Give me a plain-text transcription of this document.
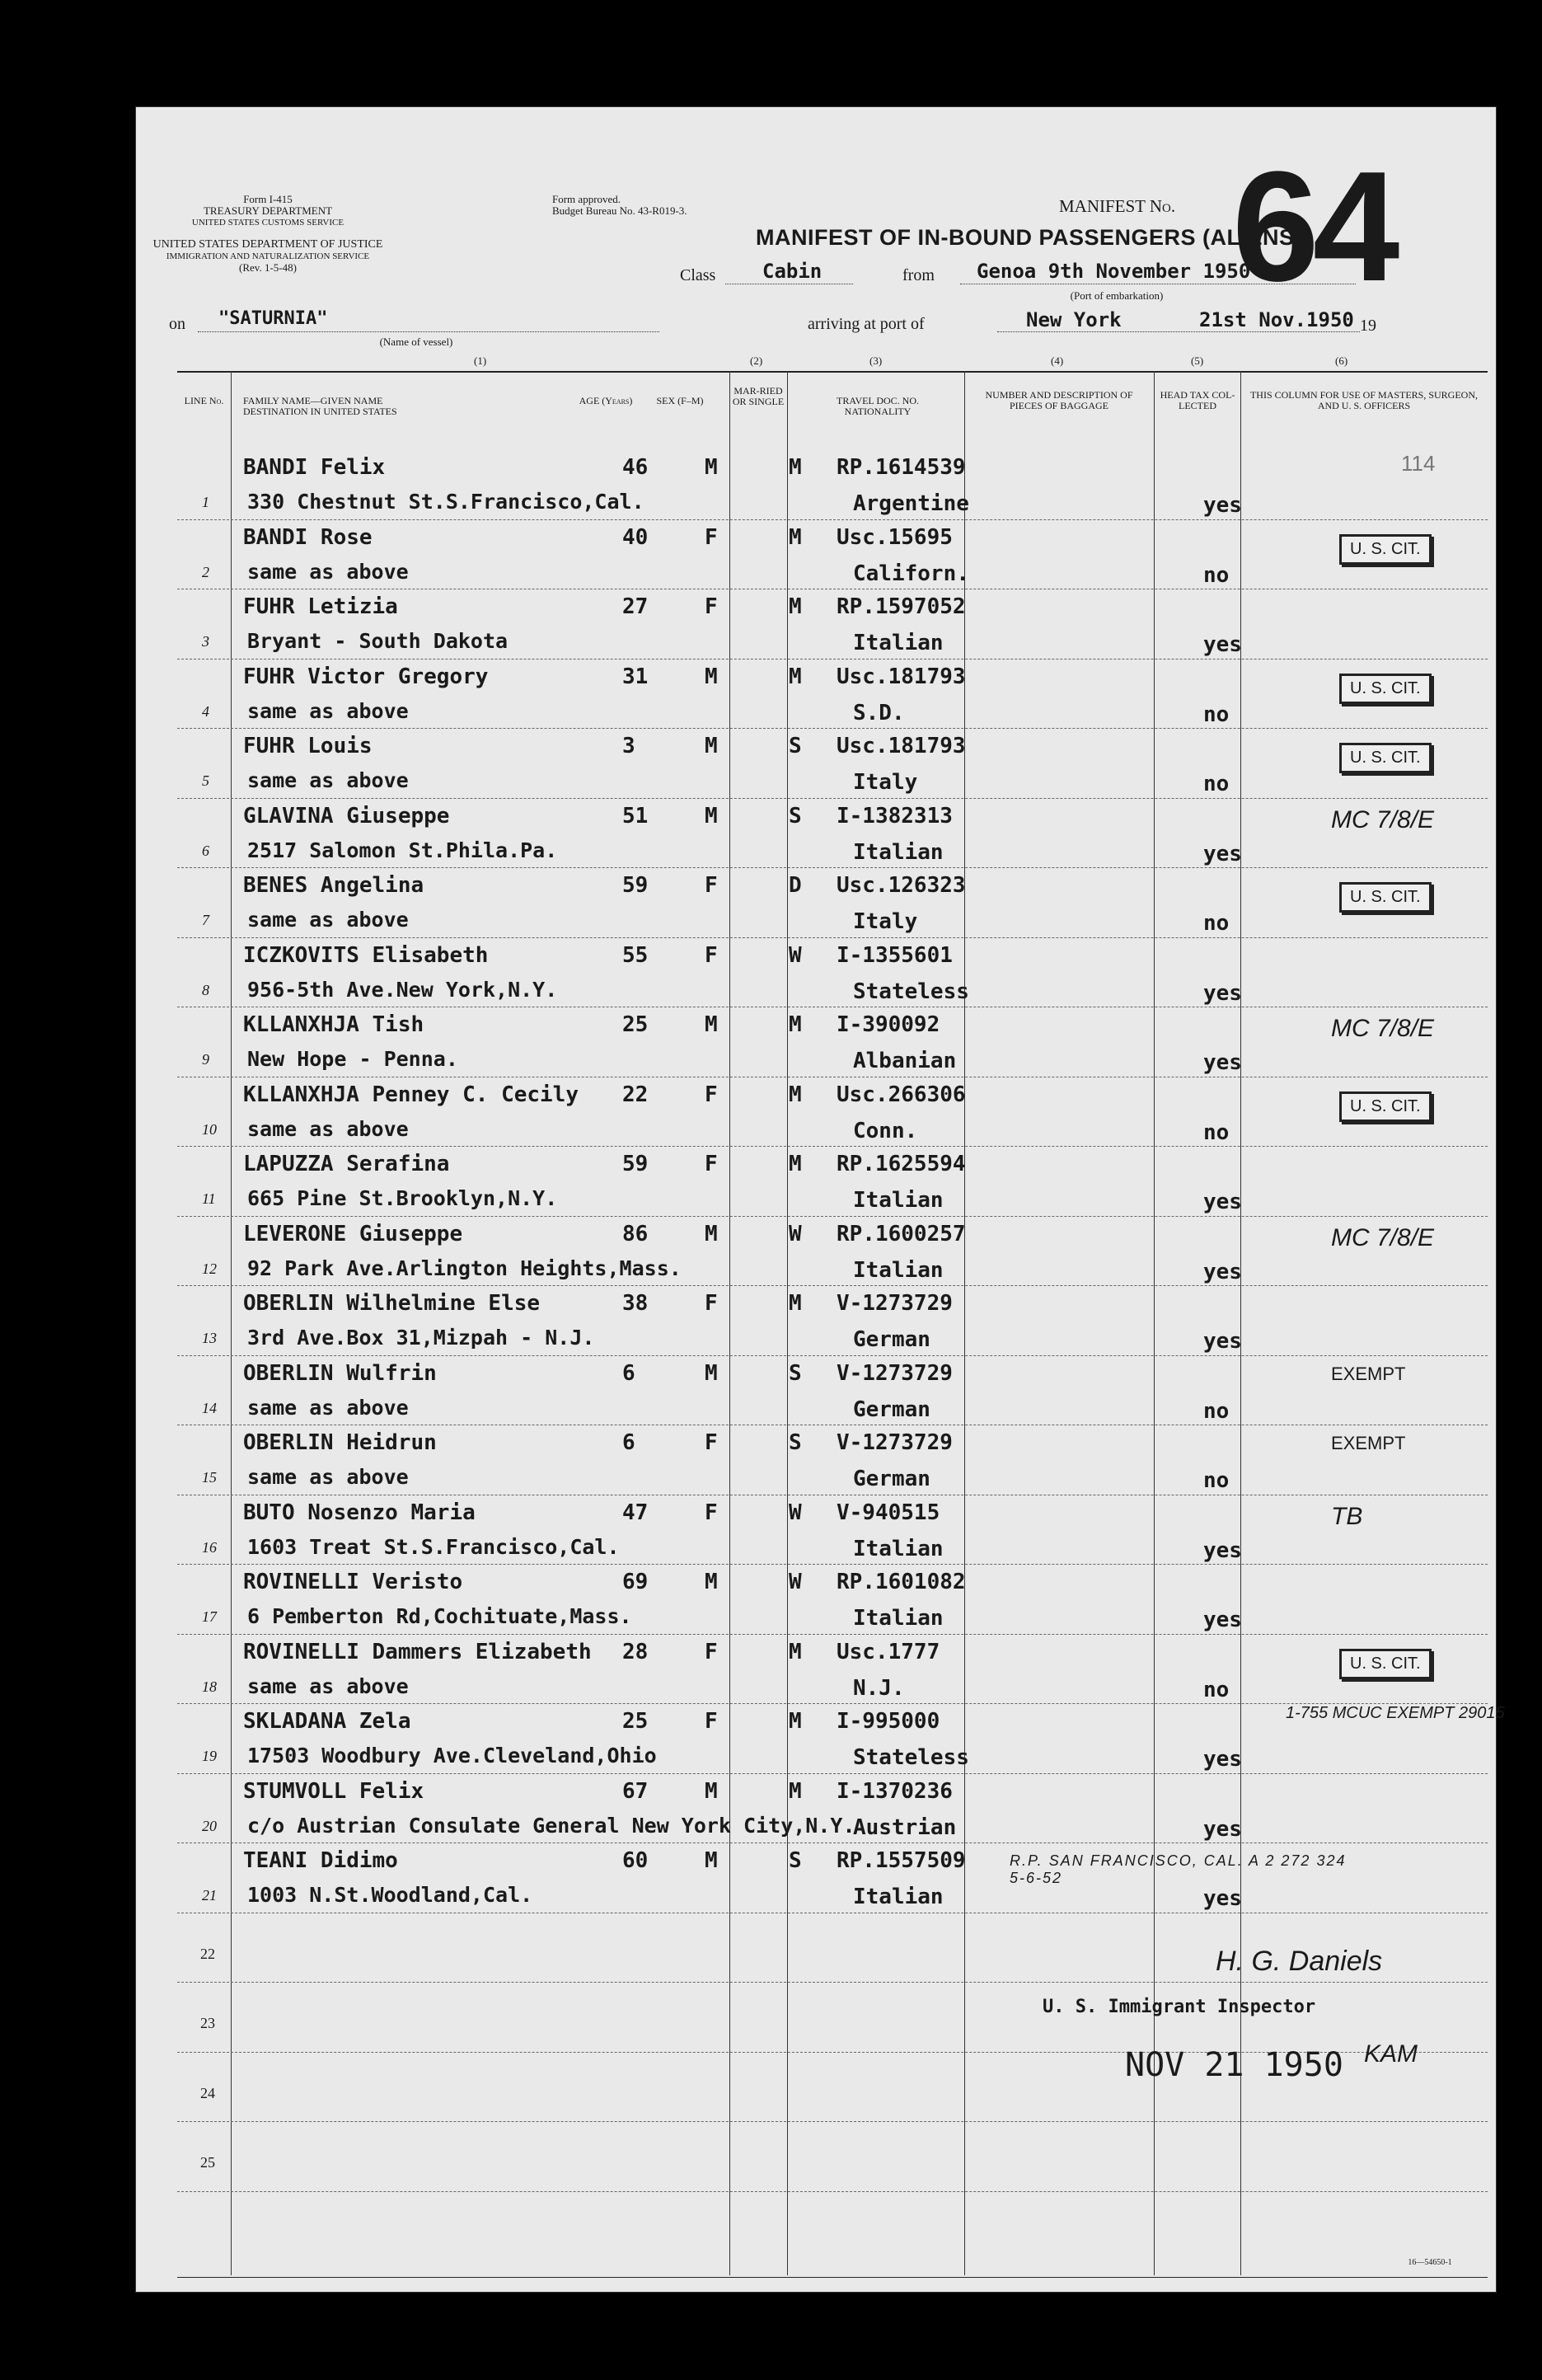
Form I-415
TREASURY DEPARTMENT
UNITED STATES CUSTOMS SERVICE
Form approved.
Budget Bureau No. 43-R019-3.	MANIFEST No. 64
UNITED STATES DEPARTMENT OF JUSTICE
IMMIGRATION AND NATURALIZATION SERVICE
(Rev. 1-5-48)
MANIFEST OF IN-BOUND PASSENGERS (ALIENS)
Class Cabin	from Genoa 9th November 1950
(Port of embarkation)
on "SATURNIA"
(Name of vessel)
arriving at port of	New York	21st Nov.1950 19
(1)	(2)	(3)	(4)	(5)	(6)
LINE No.	FAMILY NAME—GIVEN NAME
DESTINATION IN UNITED STATES
AGE (Years)	SEX (F–M)
MAR-RIED OR SINGLE	TRAVEL DOC. NO.
NATIONALITY
NUMBER AND DESCRIPTION OF PIECES OF BAGGAGE
HEAD TAX COL-LECTED
THIS COLUMN FOR USE OF MASTERS, SURGEON, AND U. S. OFFICERS
1
BANDI Felix	46	M	M RP.1614539
330 Chestnut St.S.Francisco,Cal.	Argentine	yes
114
2
BANDI Rose	40	F	M Usc.15695
same as above	Californ.	no
U. S. CIT.
3
FUHR Letizia	27	F	M RP.1597052
Bryant - South Dakota	Italian	yes
4
FUHR Victor Gregory	31	M	M Usc.181793
same as above	S.D.	no
U. S. CIT.
5
FUHR Louis	3	M	S Usc.181793
same as above	Italy	no
U. S. CIT.
6
GLAVINA Giuseppe	51	M	S I-1382313
2517 Salomon St.Phila.Pa.	Italian	yes
MC 7/8/E
7
BENES Angelina	59	F	D Usc.126323
same as above	Italy	no
U. S. CIT.
8
ICZKOVITS Elisabeth	55	F	W I-1355601
956-5th Ave.New York,N.Y.	Stateless	yes
9
KLLANXHJA Tish	25	M	M I-390092
New Hope - Penna.	Albanian	yes
MC 7/8/E
10
KLLANXHJA Penney C. Cecily 22	F	M Usc.266306
same as above	Conn.	no
U. S. CIT.
11
LAPUZZA Serafina	59	F	M RP.1625594
665 Pine St.Brooklyn,N.Y.	Italian	yes
12
LEVERONE Giuseppe	86	M	W RP.1600257
92 Park Ave.Arlington Heights,Mass.	Italian	yes
MC 7/8/E
13
OBERLIN Wilhelmine Else	38	F	M V-1273729
3rd Ave.Box 31,Mizpah - N.J.	German	yes
14
OBERLIN Wulfrin	6	M	S V-1273729
same as above	German	no
EXEMPT
15
OBERLIN Heidrun	6	F	S V-1273729
same as above	German	no
EXEMPT
16
BUTO Nosenzo Maria	47	F	W V-940515
1603 Treat St.S.Francisco,Cal.	Italian	yes
TB
17
ROVINELLI Veristo	69	M	W RP.1601082
6 Pemberton Rd,Cochituate,Mass.	Italian	yes
18
ROVINELLI Dammers Elizabeth 28	F	M Usc.1777
same as above	N.J.	no
U. S. CIT.
19
SKLADANA Zela	25	F	M I-995000
17503 Woodbury Ave.Cleveland,Ohio	Stateless	yes
1-755 MCUC EXEMPT 29015
20
STUMVOLL Felix	67	M	M I-1370236
c/o Austrian Consulate General New York City,N.Y.
Austrian	yes
21
TEANI Didimo	60	M	S RP.1557509
1003 N.St.Woodland,Cal.	Italian	yes
R.P. SAN FRANCISCO, CAL. A 2 272 324 5-6-52
22
23
24
25
U. S. Immigrant Inspector
H. G. Daniels
NOV 21 1950 KAM
16—54650-1
